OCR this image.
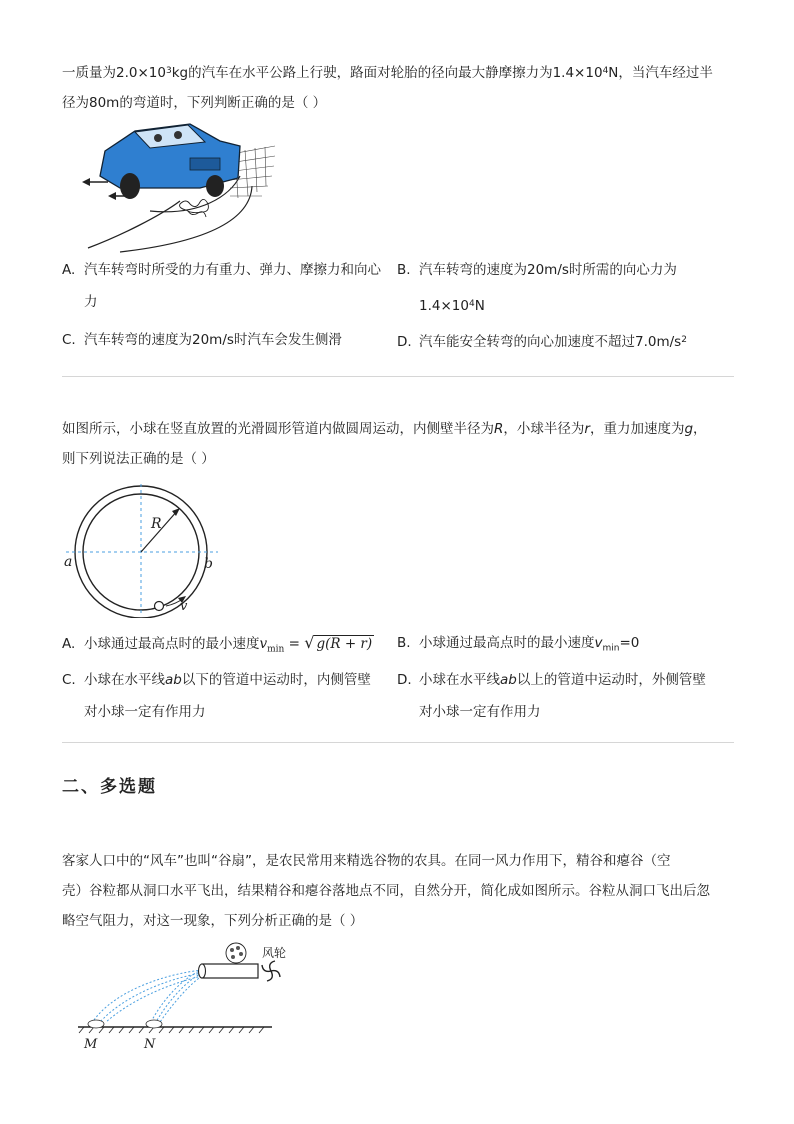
一质量为$2.0\times 10^3kg$的汽车在水平公路上行驶，路面对轮胎的径向最大静摩擦力为$1.4\times 10^4N$，当汽车经过半
径为80m的弯道时，下列判断正确的是（ ）
A. 汽车转弯时所受的力有重力、弹力、摩擦力和向心
力
B. 汽车转弯的速度为20m/s时所需的向心力为
$1.4\times 10^4N$
C. 汽车转弯的速度为20m/s时汽车会发生侧滑	D. 汽车能安全转弯的向心加速度不超过$7.0m/s^2$
如图所示，小球在竖直放置的光滑圆形管道内做圆周运动，内侧壁半径为R，小球半径为r，重力加速度为g，
则下列说法正确的是（ ）
R
a	b
v
A. 小球通过最高点时的最小速度$v_{min}$ = √ g(R + r)	B. 小球通过最高点时的最小速度$v_{min}=0$
C. 小球在水平线ab以下的管道中运动时，内侧管壁
对小球一定有作用力
D. 小球在水平线ab以上的管道中运动时，外侧管壁
对小球一定有作用力
二、多选题
客家人口中的“风车”也叫“谷扇”，是农民常用来精选谷物的农具。在同一风力作用下，精谷和瘪谷（空
壳）谷粒都从洞口水平飞出，结果精谷和瘪谷落地点不同，自然分开，简化成如图所示。谷粒从洞口飞出后忽
略空气阻力，对这一现象，下列分析正确的是（ ）
风轮
M	N
